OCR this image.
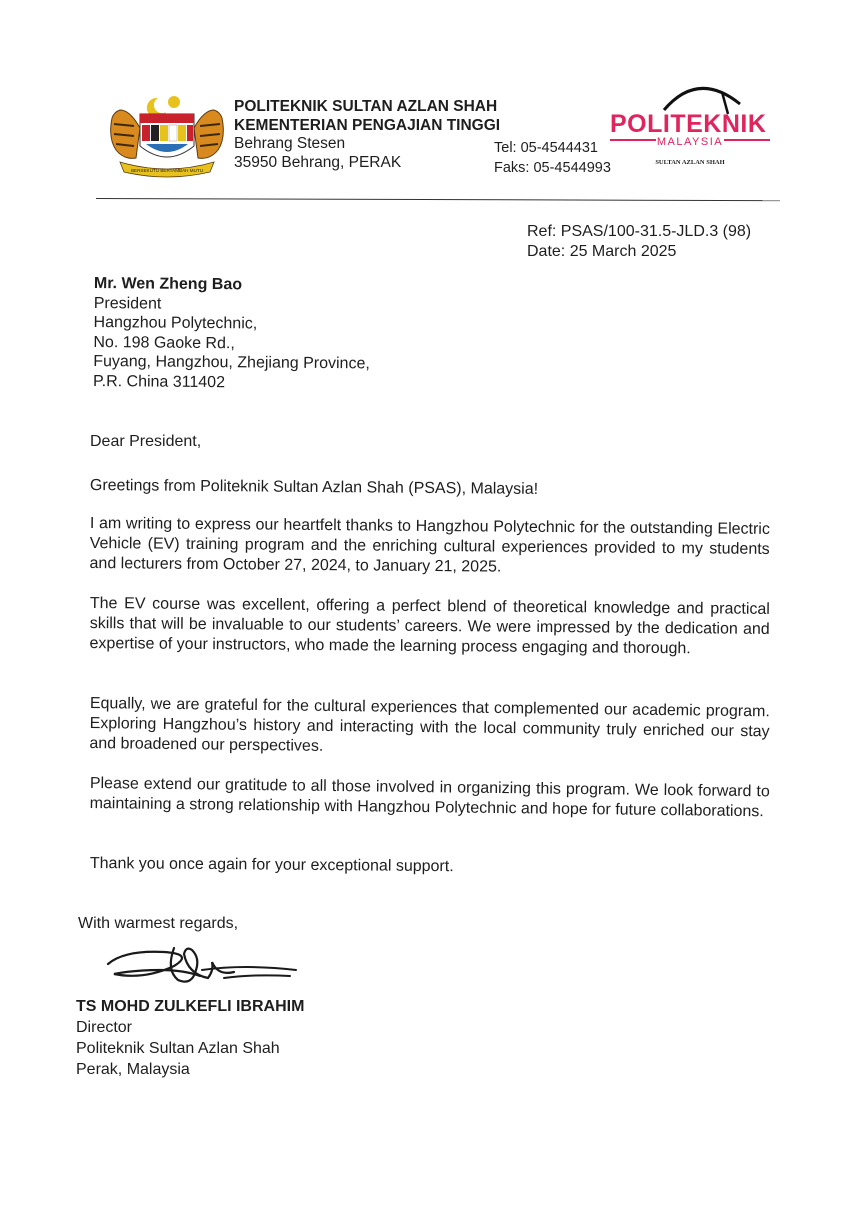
BERSEKUTU BERTAMBAH MUTU
POLITEKNIK SULTAN AZLAN SHAH
KEMENTERIAN PENGAJIAN TINGGI
Behrang Stesen
35950 Behrang, PERAK
Tel: 05-4544431
Faks: 05-4544993
POLITEKNIK
MALAYSIA
SULTAN AZLAN SHAH
Ref: PSAS/100-31.5-JLD.3 (98)
Date: 25 March 2025
Mr. Wen Zheng Bao
President
Hangzhou Polytechnic,
No. 198 Gaoke Rd.,
Fuyang, Hangzhou, Zhejiang Province,
P.R. China 311402
Dear President,
Greetings from Politeknik Sultan Azlan Shah (PSAS), Malaysia!
I am writing to express our heartfelt thanks to Hangzhou Polytechnic for the outstanding Electric Vehicle (EV) training program and the enriching cultural experiences provided to my students and lecturers from October 27, 2024, to January 21, 2025.
The EV course was excellent, offering a perfect blend of theoretical knowledge and practical skills that will be invaluable to our students’ careers. We were impressed by the dedication and expertise of your instructors, who made the learning process engaging and thorough.
Equally, we are grateful for the cultural experiences that complemented our academic program. Exploring Hangzhou’s history and interacting with the local community truly enriched our stay and broadened our perspectives.
Please extend our gratitude to all those involved in organizing this program. We look forward to maintaining a strong relationship with Hangzhou Polytechnic and hope for future collaborations.
Thank you once again for your exceptional support.
With warmest regards,
TS MOHD ZULKEFLI IBRAHIM
Director
Politeknik Sultan Azlan Shah
Perak, Malaysia
